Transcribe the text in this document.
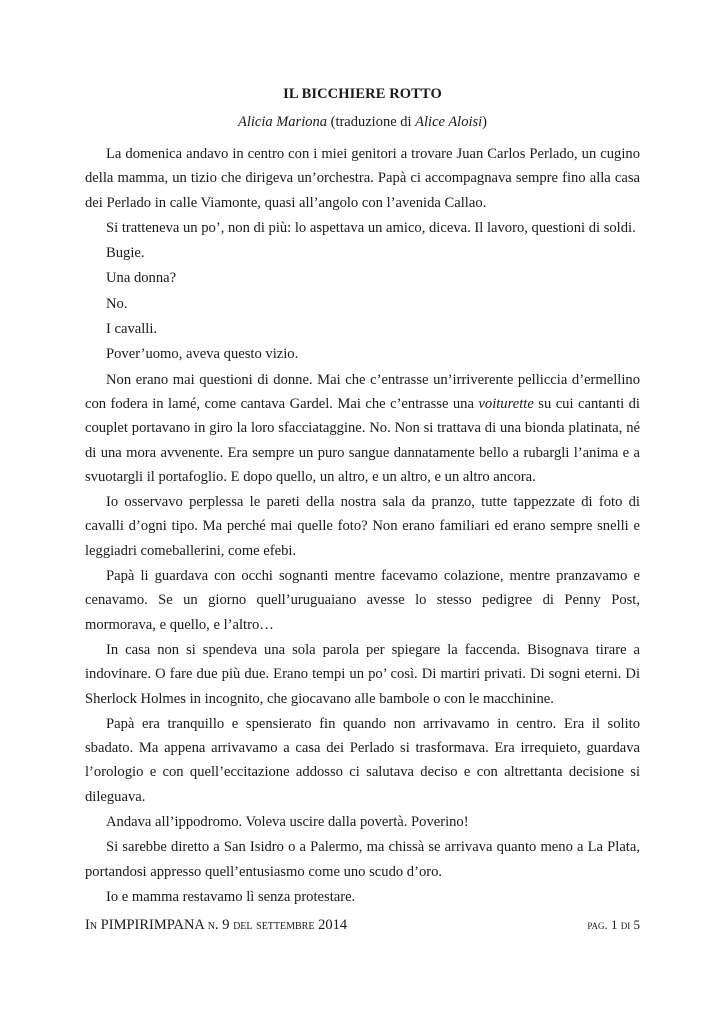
IL BICCHIERE ROTTO
Alicia Mariona (traduzione di Alice Aloisi)

La domenica andavo in centro con i miei genitori a trovare Juan Carlos Perlado, un cugino della mamma, un tizio che dirigeva un’orchestra. Papà ci accompagnava sempre fino alla casa dei Perlado in calle Viamonte, quasi all’angolo con l’avenida Callao.

Si tratteneva un po’, non di più: lo aspettava un amico, diceva. Il lavoro, questioni di soldi.

Bugie.

Una donna?

No.

I cavalli.

Pover’uomo, aveva questo vizio.

Non erano mai questioni di donne. Mai che c’entrasse un’irriverente pelliccia d’ermellino con fodera in lamé, come cantava Gardel. Mai che c’entrasse una voiturette su cui cantanti di couplet portavano in giro la loro sfacciataggine. No. Non si trattava di una bionda platinata, né di una mora avvenente. Era sempre un puro sangue dannatamente bello a rubargli l’anima e a svuotargli il portafoglio. E dopo quello, un altro, e un altro, e un altro ancora.

Io osservavo perplessa le pareti della nostra sala da pranzo, tutte tappezzate di foto di cavalli d’ogni tipo. Ma perché mai quelle foto? Non erano familiari ed erano sempre snelli e leggiadri comeballerini, come efebi.

Papà li guardava con occhi sognanti mentre facevamo colazione, mentre pranzavamo e cenavamo. Se un giorno quell’uruguaiano avesse lo stesso pedigree di Penny Post, mormorava, e quello, e l’altro…

In casa non si spendeva una sola parola per spiegare la faccenda. Bisognava tirare a indovinare. O fare due più due. Erano tempi un po’ così. Di martiri privati. Di sogni eterni. Di Sherlock Holmes in incognito, che giocavano alle bambole o con le macchinine.

Papà era tranquillo e spensierato fin quando non arrivavamo in centro. Era il solito sbadato. Ma appena arrivavamo a casa dei Perlado si trasformava. Era irrequieto, guardava l’orologio e con quell’eccitazione addosso ci salutava deciso e con altrettanta decisione si dileguava.

Andava all’ippodromo. Voleva uscire dalla povertà. Poverino!

Si sarebbe diretto a San Isidro o a Palermo, ma chissà se arrivava quanto meno a La Plata, portandosi appresso quell’entusiasmo come uno scudo d’oro.

Io e mamma restavamo lì senza protestare.

In PIMPIRIMPANA n. 9 del settembre 2014	pag. 1 di 5
